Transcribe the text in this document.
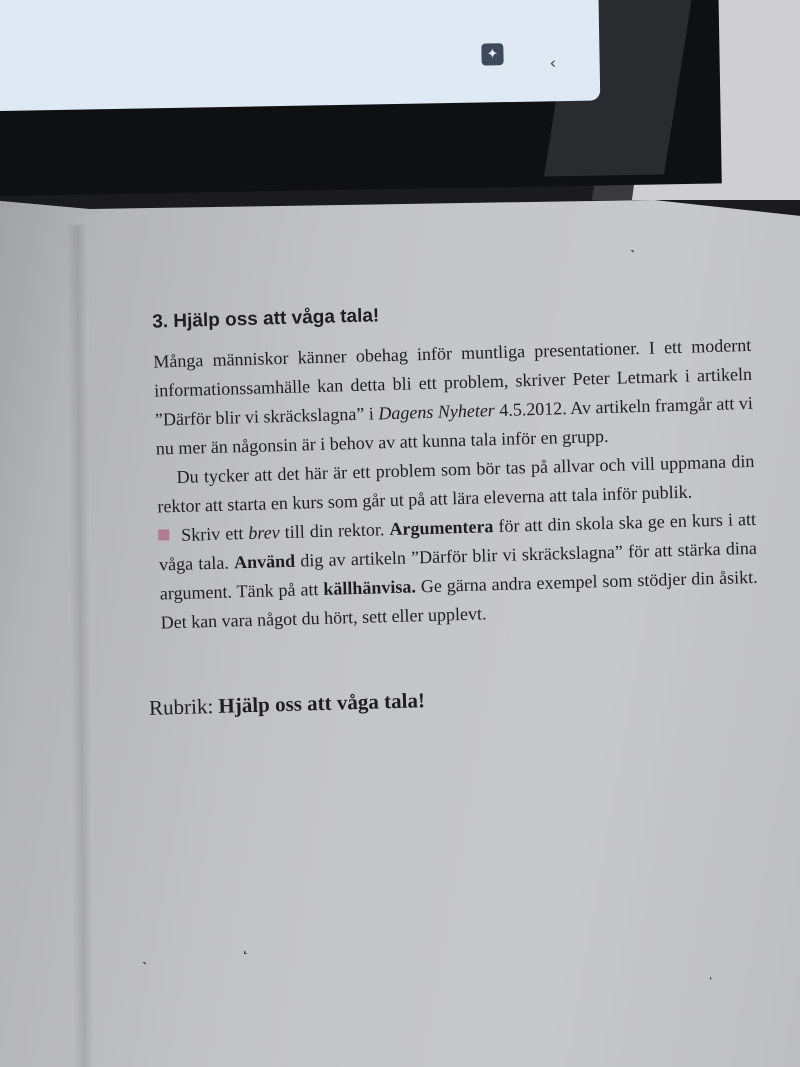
✦	‹
3. Hjälp oss att våga tala!

Många människor känner obehag inför muntliga presentationer. I ett modernt informationssamhälle kan detta bli ett problem, skriver Peter Letmark i artikeln ”Därför blir vi skräckslagna” i Dagens Nyheter 4.5.2012. Av artikeln framgår att vi nu mer än någonsin är i behov av att kunna tala inför en grupp.

Du tycker att det här är ett problem som bör tas på allvar och vill uppmana din rektor att starta en kurs som går ut på att lära eleverna att tala inför publik.

Skriv ett brev till din rektor. Argumentera för att din skola ska ge en kurs i att våga tala. Använd dig av artikeln ”Därför blir vi skräckslagna” för att stärka dina argument. Tänk på att källhänvisa. Ge gärna andra exempel som stödjer din åsikt. Det kan vara något du hört, sett eller upplevt.

Rubrik: Hjälp oss att våga tala!
˛
ˏ
ˈ
ˎ
